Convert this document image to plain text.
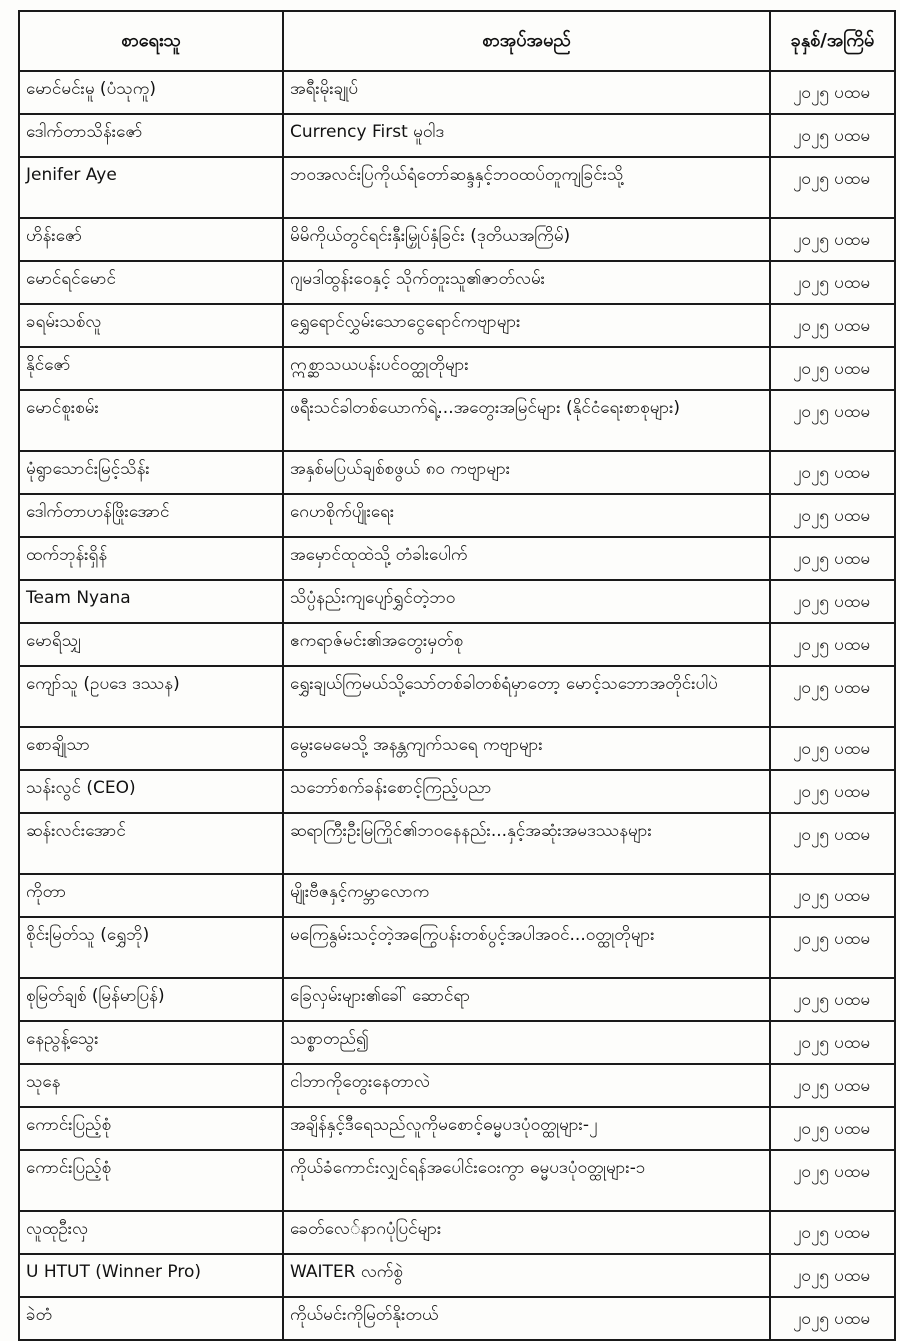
စာရေးသူ	စာအုပ်အမည်	ခုနှစ်/အကြိမ်
မောင်မင်းမူ (ပံသုကူ)	အရီးမိုးချုပ်	၂၀၂၅ ပထမ
ဒေါက်တာသိန်းဇော်	Currency First မူဝါဒ	၂၀၂၅ ပထမ
Jenifer Aye	ဘဝအလင်းပြကိုယ်ရံတော်ဆန္ဒနှင့်ဘဝထပ်တူကျခြင်းသို့	၂၀၂၅ ပထမ
ဟိန်းဇော်	မိမိကိုယ်တွင်ရင်းနှီးမြှုပ်နှံခြင်း (ဒုတိယအကြိမ်)	၂၀၂၅ ပထမ
မောင်ရင်မောင်	ဂျမဒါထွန်းဝေနှင့် သိုက်တူးသူ၏ဇာတ်လမ်း	၂၀၂၅ ပထမ
ခရမ်းသစ်လူ	ရွှေရောင်လွှမ်းသောငွေရောင်ကဗျာများ	၂၀၂၅ ပထမ
နိုင်ဇော်	ဣစ္ဆာသယပန်းပင်ဝတ္ထုတိုများ	၂၀၂၅ ပထမ
မောင်စူးစမ်း	ဖရီးသင်ခါတစ်ယောက်ရဲ့...အတွေးအမြင်များ (နိုင်ငံရေးစာစုများ)	၂၀၂၅ ပထမ
မုံရွာသောင်းမြင့်သိန်း	အနှစ်မပြယ်ချစ်စဖွယ် ၈၀ ကဗျာများ	၂၀၂၅ ပထမ
ဒေါက်တာဟန်ဖြိုးအောင်	ဂေဟစိုက်ပျိုးရေး	၂၀၂၅ ပထမ
ထက်ဘုန်းရှိန်	အမှောင်ထုထဲသို့ တံခါးပေါက်	၂၀၂၅ ပထမ
Team Nyana	သိပ္ပံနည်းကျပျော်ရွှင်တဲ့ဘဝ	၂၀၂၅ ပထမ
မောရိသျှ	ဧကရာဇ်မင်း၏အတွေးမှတ်စု	၂၀၂၅ ပထမ
ကျော်သူ (ဥပဒေ ဒဿန)	ရွှေးချယ်ကြမယ်သို့သော်တစ်ခါတစ်ရံမှာတော့ မောင့်သဘောအတိုင်းပါပဲ	၂၀၂၅ ပထမ
စောချိုသာ	မွေးမေမေသို့ အနန္တကျက်သရေ ကဗျာများ	၂၀၂၅ ပထမ
သန်းလွင် (CEO)	သဘော်စက်ခန်းစောင့်ကြည့်ပညာ	၂၀၂၅ ပထမ
ဆန်းလင်းအောင်	ဆရာကြီးဦးမြကြိုင်၏ဘဝနေနည်း...နှင့်အဆုံးအမဒဿနများ	၂၀၂၅ ပထမ
ကိုတာ	မျိုးဗီဇနှင့်ကမ္ဘာလောက	၂၀၂၅ ပထမ
စိုင်းမြတ်သူ (ရွှေဘို)	မကြေနွမ်းသင့်တဲ့အကြွေပန်းတစ်ပွင့်အပါအဝင်...ဝတ္ထုတိုများ	၂၀၂၅ ပထမ
စုမြတ်ချစ် (မြန်မာပြန်)	ခြေလှမ်းများ၏ခေါ် ဆောင်ရာ	၂၀၂၅ ပထမ
နေညွန့်သွေး	သစ္စာတည်၍	၂၀၂၅ ပထမ
သုနေ	ငါဘာကိုတွေးနေတာလဲ	၂၀၂၅ ပထမ
ကောင်းပြည့်စုံ	အချိန်နှင့်ဒီရေသည်လူကိုမစောင့်ဓမ္မပဒပုံဝတ္ထုများ-၂	၂၀၂၅ ပထမ
ကောင်းပြည့်စုံ	ကိုယ်ခံကောင်းလျှင်ရန်အပေါင်းဝေးကွာ ဓမ္မပဒပုံဝတ္ထုများ-၁	၂၀၂၅ ပထမ
လူထုဦးလှ	ခေတ်လေ်နာဂပုံပြင်များ	၂၀၂၅ ပထမ
U HTUT (Winner Pro)	WAITER လက်စွဲ	၂၀၂၅ ပထမ
ခဲတံ	ကိုယ်မင်းကိုမြတ်နိုးတယ်	၂၀၂၅ ပထမ
